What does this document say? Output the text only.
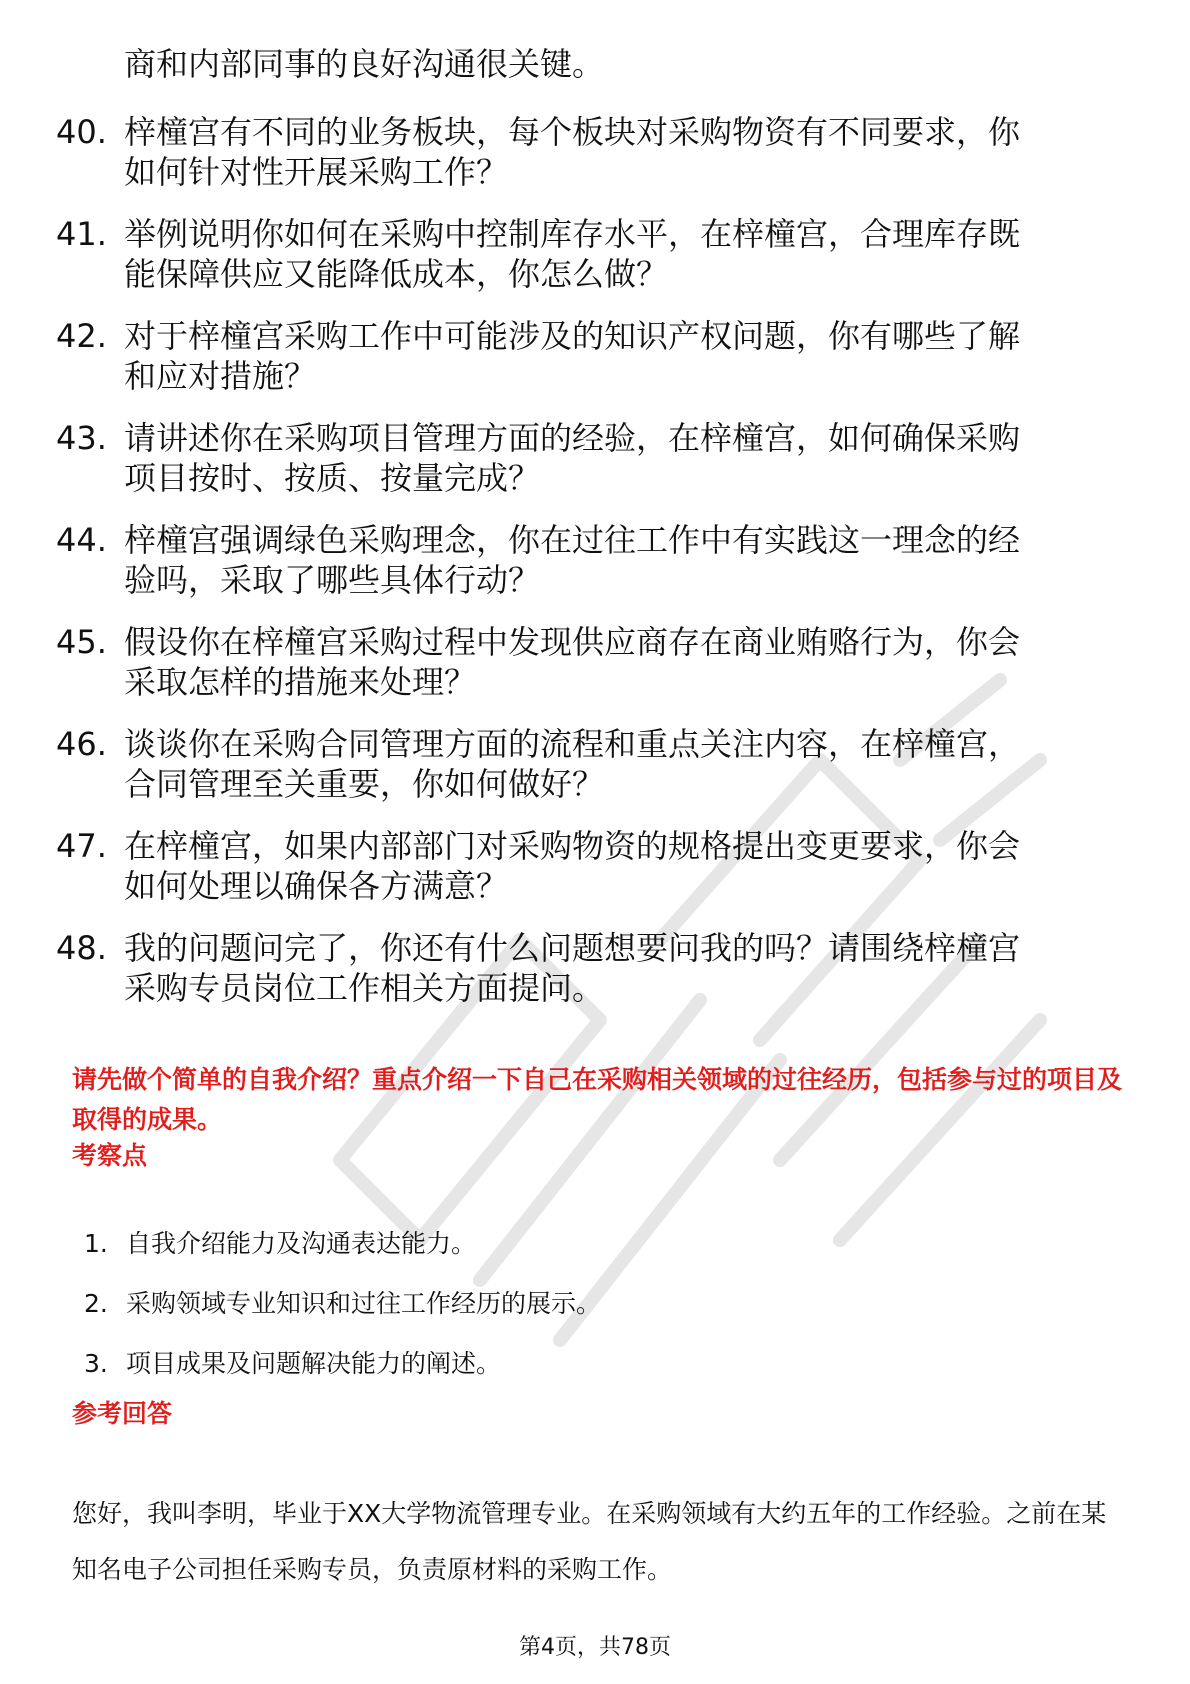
商和内部同事的良好沟通很关键。
40. 梓橦宫有不同的业务板块，每个板块对采购物资有不同要求，你
如何针对性开展采购工作？
41. 举例说明你如何在采购中控制库存水平，在梓橦宫，合理库存既
能保障供应又能降低成本，你怎么做？
42. 对于梓橦宫采购工作中可能涉及的知识产权问题，你有哪些了解
和应对措施？
43. 请讲述你在采购项目管理方面的经验，在梓橦宫，如何确保采购
项目按时、按质、按量完成？
44. 梓橦宫强调绿色采购理念，你在过往工作中有实践这一理念的经
验吗，采取了哪些具体行动？
45. 假设你在梓橦宫采购过程中发现供应商存在商业贿赂行为，你会
采取怎样的措施来处理？
46. 谈谈你在采购合同管理方面的流程和重点关注内容，在梓橦宫，
合同管理至关重要，你如何做好？
47. 在梓橦宫，如果内部部门对采购物资的规格提出变更要求，你会
如何处理以确保各方满意？
48. 我的问题问完了，你还有什么问题想要问我的吗？请围绕梓橦宫
采购专员岗位工作相关方面提问。
请先做个简单的自我介绍？重点介绍一下自己在采购相关领域的过往经历，包括参与过的项目及取得的成果。
考察点
1. 自我介绍能力及沟通表达能力。
2. 采购领域专业知识和过往工作经历的展示。
3. 项目成果及问题解决能力的阐述。
参考回答
您好，我叫李明，毕业于XX大学物流管理专业。在采购领域有大约五年的工作经验。之前在某知名电子公司担任采购专员，负责原材料的采购工作。
第4页，共78页
